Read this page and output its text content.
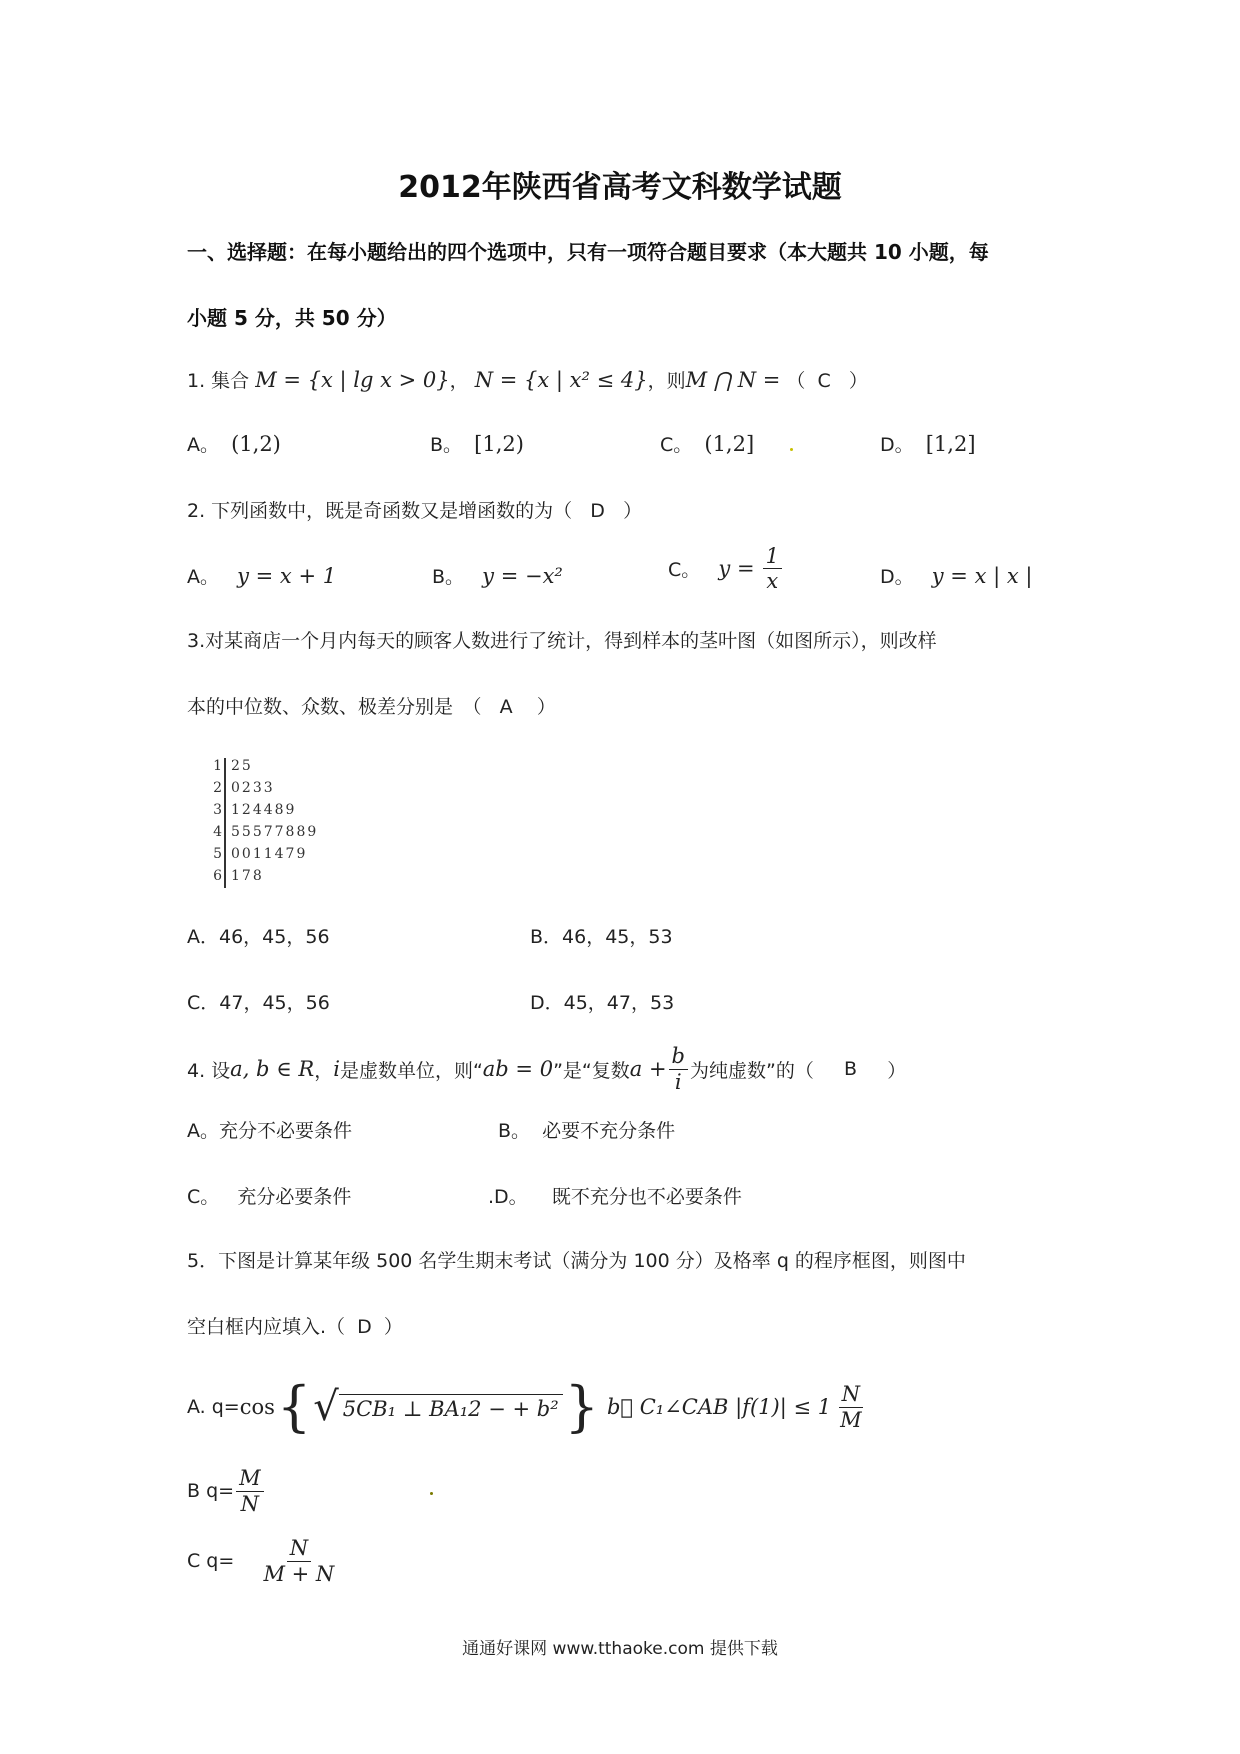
2012年陕西省高考文科数学试题
一、选择题：在每小题给出的四个选项中，只有一项符合题目要求（本大题共 10 小题，每
小题 5 分，共 50 分）
1. 集合 M = {x | lg x > 0}， N = {x | x² ≤ 4}，则M ⋂ N = （ C ）
A。 (1,2)	B。 [1,2)	C。 (1,2]	D。 [1,2]
2. 下列函数中，既是奇函数又是增函数的为（ D ）
A。 y = x + 1	B。 y = −x²	C。 $y = \frac{1}{x}$	D。 y = x | x |
3.对某商店一个月内每天的顾客人数进行了统计，得到样本的茎叶图（如图所示），则改样
本的中位数、众数、极差分别是　（ A ）
1 25
2 0233
3 124489
4 55577889
5 0011479
6 178
A．46，45，56	B．46，45，53
C．47，45，56	D．45，47，53
4. 设 a, b ∈ R ， i 是虚数单位，则“ ab = 0 ”是“复数 $a + \frac{b}{i}$ 为纯虚数”的（
B
）
A。充分不必要条件	B。 必要不充分条件
C。 充分必要条件	.D。 既不充分也不必要条件
5．下图是计算某年级 500 名学生期末考试（满分为 100 分）及格率 q 的程序框图，则图中
空白框内应填入.（ D ）
A. q= cos { √ 5CB₁ ⊥ BA₁2 − + b² } b⃗ C₁∠CAB $|f(1)| \le 1 \frac{N}{M}$
B $q= \frac{M}{N}$
C q=
$\frac{N}{M + N}$
通通好课网 www.tthaoke.com 提供下载
